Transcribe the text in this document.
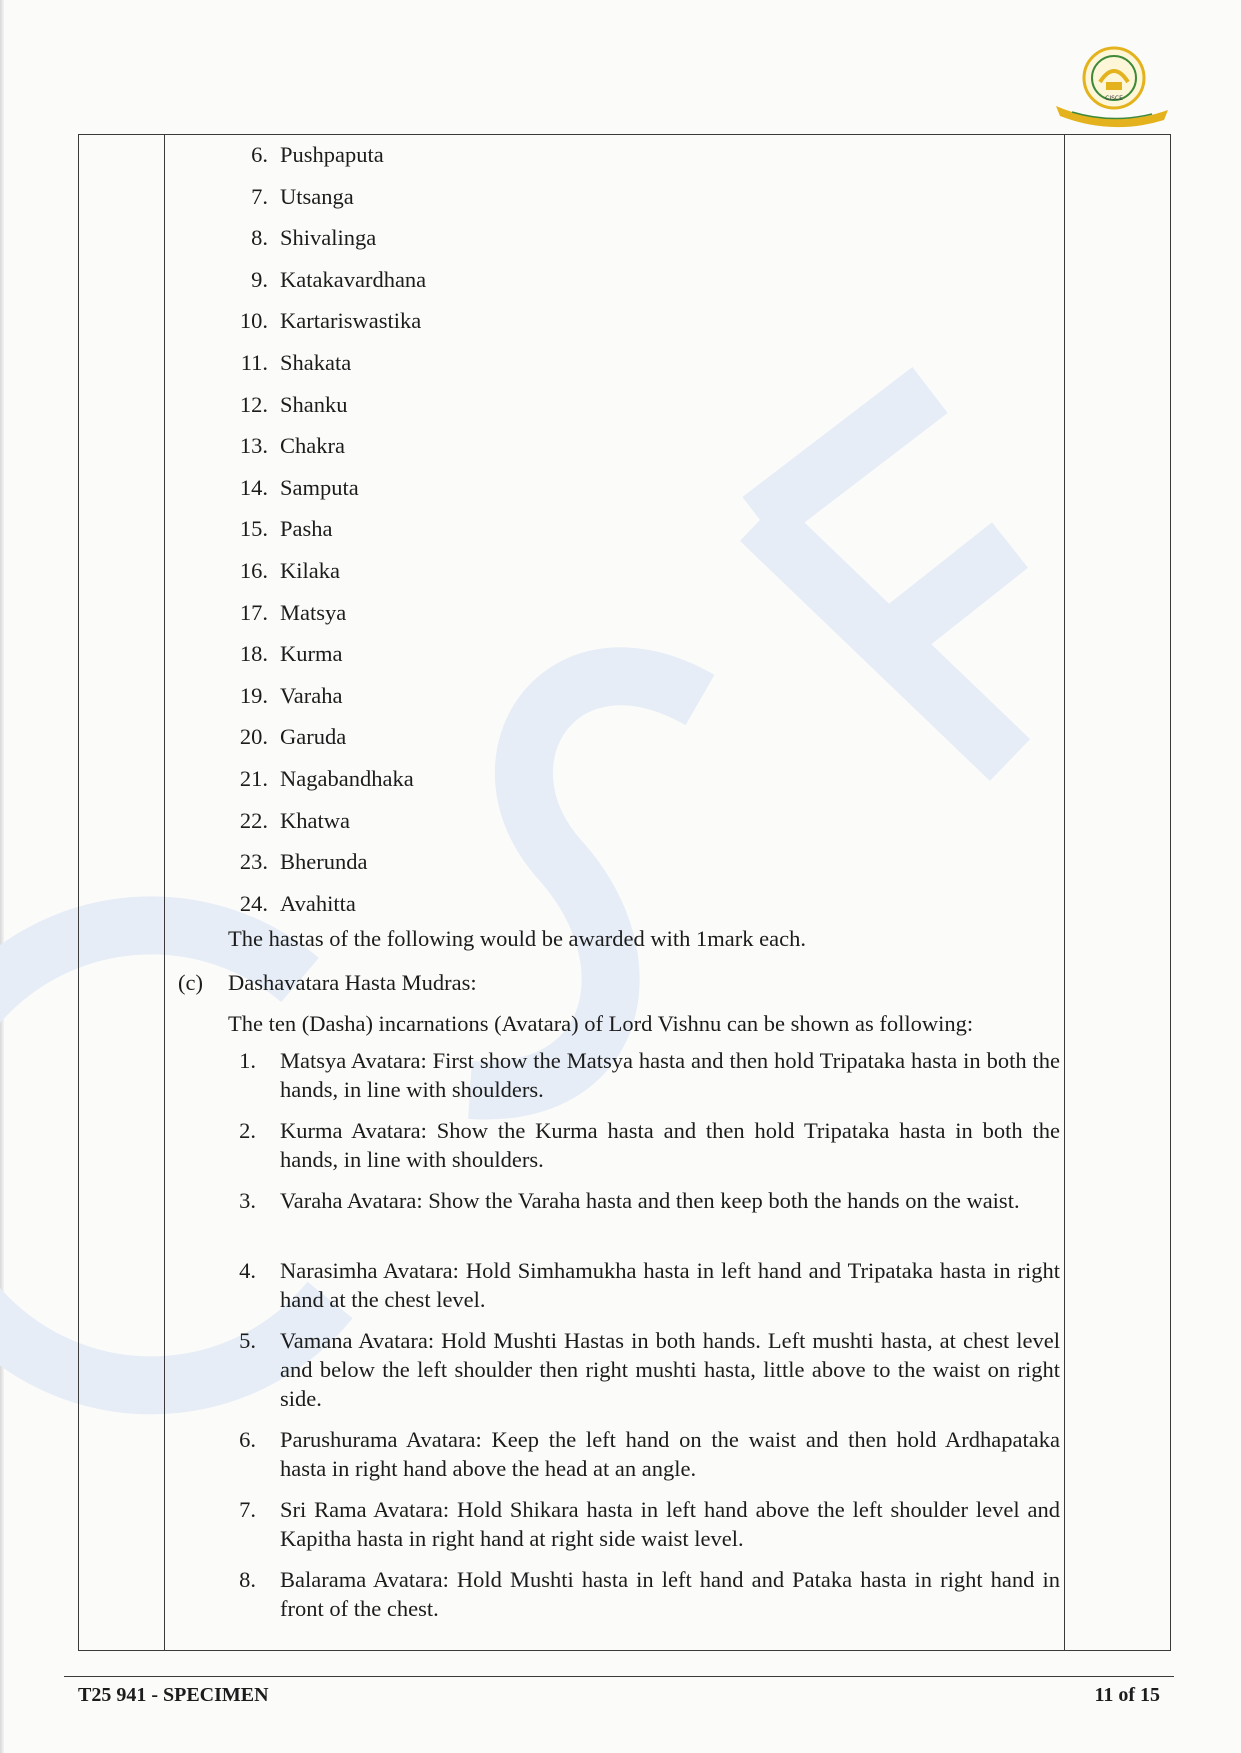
CISCE
6. Pushpaputa
7. Utsanga
8. Shivalinga
9. Katakavardhana
10. Kartariswastika
11. Shakata
12. Shanku
13. Chakra
14. Samputa
15. Pasha
16. Kilaka
17. Matsya
18. Kurma
19. Varaha
20. Garuda
21. Nagabandhaka
22. Khatwa
23. Bherunda
24. Avahitta
The hastas of the following would be awarded with 1mark each.
(c) Dashavatara Hasta Mudras:
The ten (Dasha) incarnations (Avatara) of Lord Vishnu can be shown as following:
1. Matsya Avatara: First show the Matsya hasta and then hold Tripataka hasta in both the hands, in line with shoulders.
2. Kurma Avatara: Show the Kurma hasta and then hold Tripataka hasta in both the hands, in line with shoulders.
3. Varaha Avatara: Show the Varaha hasta and then keep both the hands on the waist.
4. Narasimha Avatara: Hold Simhamukha hasta in left hand and Tripataka hasta in right hand at the chest level.
5. Vamana Avatara: Hold Mushti Hastas in both hands. Left mushti hasta, at chest level and below the left shoulder then right mushti hasta, little above to the waist on right side.
6. Parushurama Avatara: Keep the left hand on the waist and then hold Ardhapataka hasta in right hand above the head at an angle.
7. Sri Rama Avatara: Hold Shikara hasta in left hand above the left shoulder level and Kapitha hasta in right hand at right side waist level.
8. Balarama Avatara: Hold Mushti hasta in left hand and Pataka hasta in right hand in front of the chest.
T25 941 - SPECIMEN	11 of 15
